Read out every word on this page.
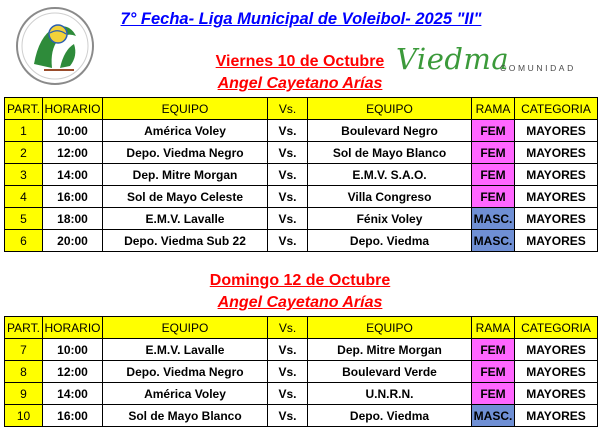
7° Fecha- Liga Municipal de Voleibol- 2025 "II"
Viedma
COMUNIDAD
Viernes 10 de Octubre
Angel Cayetano Arías
PART.	HORARIO	EQUIPO	Vs.	EQUIPO	RAMA	CATEGORIA
1	10:00	América Voley	Vs.	Boulevard Negro	FEM	MAYORES
2	12:00	Depo. Viedma Negro	Vs.	Sol de Mayo Blanco	FEM	MAYORES
3	14:00	Dep. Mitre Morgan	Vs.	E.M.V. S.A.O.	FEM	MAYORES
4	16:00	Sol de Mayo Celeste	Vs.	Villa Congreso	FEM	MAYORES
5	18:00	E.M.V. Lavalle	Vs.	Fénix Voley	MASC.	MAYORES
6	20:00	Depo. Viedma Sub 22	Vs.	Depo. Viedma	MASC.	MAYORES
Domingo 12 de Octubre
Angel Cayetano Arías
PART.	HORARIO	EQUIPO	Vs.	EQUIPO	RAMA	CATEGORIA
7	10:00	E.M.V. Lavalle	Vs.	Dep. Mitre Morgan	FEM	MAYORES
8	12:00	Depo. Viedma Negro	Vs.	Boulevard Verde	FEM	MAYORES
9	14:00	América Voley	Vs.	U.N.R.N.	FEM	MAYORES
10	16:00	Sol de Mayo Blanco	Vs.	Depo. Viedma	MASC.	MAYORES
